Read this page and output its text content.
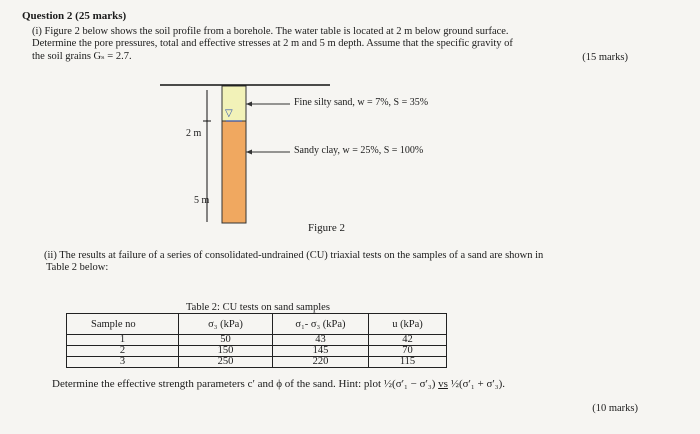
Question 2 (25 marks)
(i) Figure 2 below shows the soil profile from a borehole. The water table is located at 2 m below ground surface.
Determine the pore pressures, total and effective stresses at 2 m and 5 m depth. Assume that the specific gravity of
the soil grains Gₛ = 2.7.	(15 marks)
▽
2 m
5 m
Fine silty sand, w = 7%, S = 35%
Sandy clay, w = 25%, S = 100%
Figure 2
(ii) The results at failure of a series of consolidated-undrained (CU) triaxial tests on the samples of a sand are shown in
Table 2 below:
Table 2: CU tests on sand samples
Sample no	σ₃ (kPa)	σ₁- σ₃ (kPa)	u (kPa)
1	50	43	42
2	150	145	70
3	250	220	115
Determine the effective strength parameters c′ and ϕ of the sand. Hint: plot ½(σ′₁ − σ′₃) vs ½(σ′₁ + σ′₃).
(10 marks)
